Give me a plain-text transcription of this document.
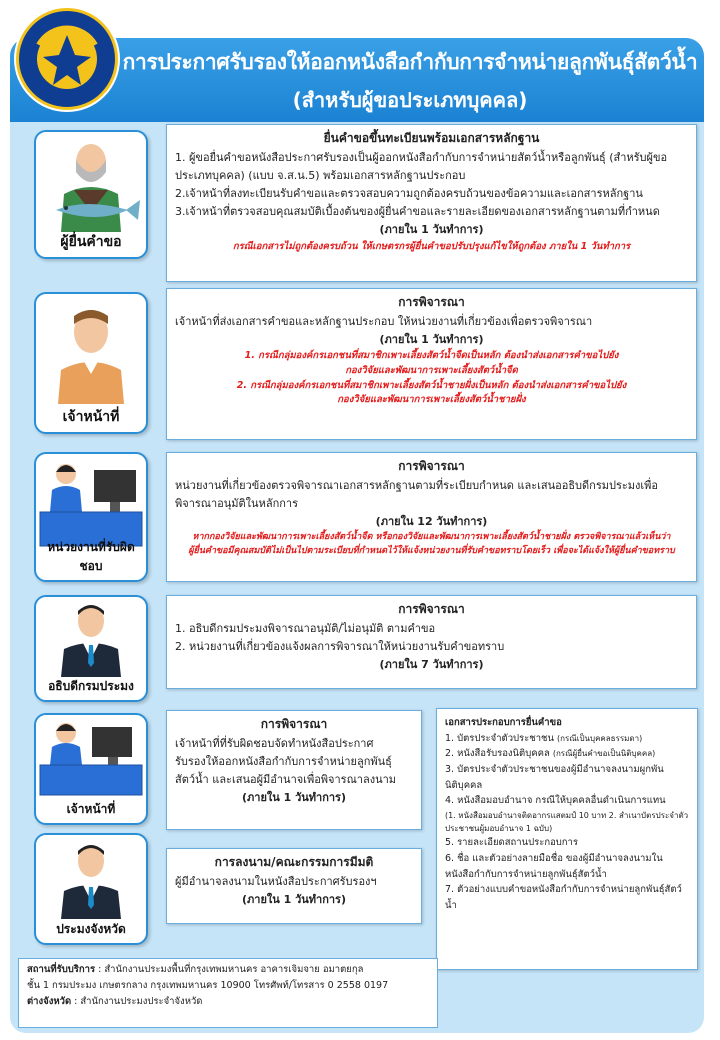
การประกาศรับรองให้ออกหนังสือกำกับการจำหน่ายลูกพันธุ์สัตว์น้ำ
(สำหรับผู้ขอประเภทบุคคล)
ผู้ยื่นคำขอ
เจ้าหน้าที่
หน่วยงานที่รับผิดชอบ
อธิบดีกรมประมง
เจ้าหน้าที่
ประมงจังหวัด
ยื่นคำขอขึ้นทะเบียนพร้อมเอกสารหลักฐาน

1. ผู้ขอยื่นคำขอหนังสือประกาศรับรองเป็นผู้ออกหนังสือกำกับการจำหน่ายสัตว์น้ำหรือลูกพันธุ์ (สำหรับผู้ขอประเภทบุคคล) (แบบ จ.ส.น.5) พร้อมเอกสารหลักฐานประกอบ

2.เจ้าหน้าที่ลงทะเบียนรับคำขอและตรวจสอบความถูกต้องครบถ้วนของข้อความและเอกสารหลักฐาน

3.เจ้าหน้าที่ตรวจสอบคุณสมบัติเบื้องต้นของผู้ยื่นคำขอและรายละเอียดของเอกสารหลักฐานตามที่กำหนด

(ภายใน 1 วันทำการ)
กรณีเอกสารไม่ถูกต้องครบถ้วน ให้เกษตรกรผู้ยื่นคำขอปรับปรุงแก้ไขให้ถูกต้อง ภายใน 1 วันทำการ
การพิจารณา

เจ้าหน้าที่ส่งเอกสารคำขอและหลักฐานประกอบ ให้หน่วยงานที่เกี่ยวข้องเพื่อตรวจพิจารณา

(ภายใน 1 วันทำการ)
1. กรณีกลุ่มองค์กรเอกชนที่สมาชิกเพาะเลี้ยงสัตว์น้ำจืดเป็นหลัก ต้องนำส่งเอกสารคำขอไปยัง
กองวิจัยและพัฒนาการเพาะเลี้ยงสัตว์น้ำจืด
2. กรณีกลุ่มองค์กรเอกชนที่สมาชิกเพาะเลี้ยงสัตว์น้ำชายฝั่งเป็นหลัก ต้องนำส่งเอกสารคำขอไปยัง
กองวิจัยและพัฒนาการเพาะเลี้ยงสัตว์น้ำชายฝั่ง
การพิจารณา

หน่วยงานที่เกี่ยวข้องตรวจพิจารณาเอกสารหลักฐานตามที่ระเบียบกำหนด และเสนออธิบดีกรมประมงเพื่อพิจารณาอนุมัติในหลักการ

(ภายใน 12 วันทำการ)
หากกองวิจัยและพัฒนาการเพาะเลี้ยงสัตว์น้ำจืด หรือกองวิจัยและพัฒนาการเพาะเลี้ยงสัตว์น้ำชายฝั่ง ตรวจพิจารณาแล้วเห็นว่า
ผู้ยื่นคำขอมีคุณสมบัติไม่เป็นไปตามระเบียบที่กำหนดไว้ให้แจ้งหน่วยงานที่รับคำขอทราบโดยเร็ว เพื่อจะได้แจ้งให้ผู้ยื่นคำขอทราบ
การพิจารณา

1. อธิบดีกรมประมงพิจารณาอนุมัติ/ไม่อนุมัติ ตามคำขอ

2. หน่วยงานที่เกี่ยวข้องแจ้งผลการพิจารณาให้หน่วยงานรับคำขอทราบ

(ภายใน 7 วันทำการ)
การพิจารณา

เจ้าหน้าที่ที่รับผิดชอบจัดทำหนังสือประกาศ

รับรองให้ออกหนังสือกำกับการจำหน่ายลูกพันธุ์

สัตว์น้ำ และเสนอผู้มีอำนาจเพื่อพิจารณาลงนาม

(ภายใน 1 วันทำการ)
การลงนาม/คณะกรรมการมีมติ

ผู้มีอำนาจลงนามในหนังสือประกาศรับรองฯ

(ภายใน 1 วันทำการ)
เอกสารประกอบการยื่นคำขอ
1. บัตรประจำตัวประชาชน (กรณีเป็นบุคคลธรรมดา)
2. หนังสือรับรองนิติบุคคล (กรณีผู้ยื่นคำขอเป็นนิติบุคคล)
3. บัตรประจำตัวประชาชนของผู้มีอำนาจลงนามผูกพันนิติบุคคล
4. หนังสือมอบอำนาจ กรณีให้บุคคลอื่นดำเนินการแทน
(1. หนังสือมอบอำนาจติดอากรแสตมป์ 10 บาท 2. สำเนาบัตรประจำตัวประชาชนผู้มอบอำนาจ 1 ฉบับ)
5. รายละเอียดสถานประกอบการ
6. ชื่อ และตัวอย่างลายมือชื่อ ของผู้มีอำนาจลงนามในหนังสือกำกับการจำหน่ายลูกพันธุ์สัตว์น้ำ
7. ตัวอย่างแบบคำขอหนังสือกำกับการจำหน่ายลูกพันธุ์สัตว์น้ำ
สถานที่รับบริการ : สำนักงานประมงพื้นที่กรุงเทพมหานคร อาคารเจิมจาย อมาตยกุล
ชั้น 1 กรมประมง เกษตรกลาง กรุงเทพมหานคร 10900 โทรศัพท์/โทรสาร 0 2558 0197
ต่างจังหวัด : สำนักงานประมงประจำจังหวัด
